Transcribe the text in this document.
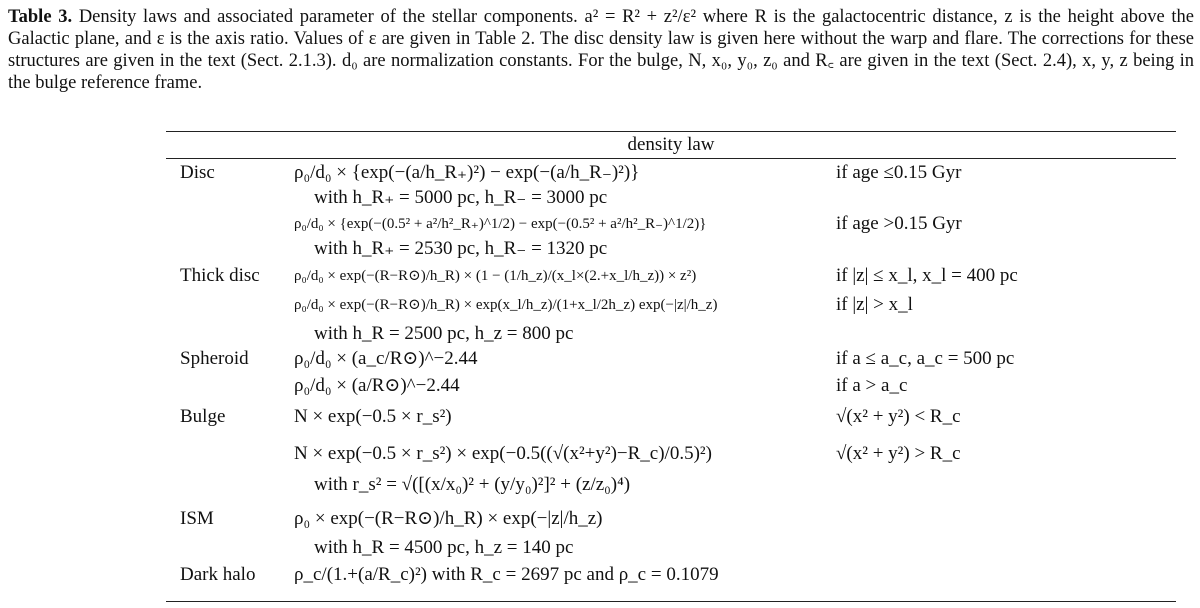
Table 3. Density laws and associated parameter of the stellar components. a² = R² + z²/ε² where R is the galactocentric distance, z is the height above the Galactic plane, and ε is the axis ratio. Values of ε are given in Table 2. The disc density law is given here without the warp and flare. The corrections for these structures are given in the text (Sect. 2.1.3). d₀ are normalization constants. For the bulge, N, x₀, y₀, z₀ and R꜀ are given in the text (Sect. 2.4), x, y, z being in the bulge reference frame.

density law
Disc	ρ₀/d₀ × {exp(−(a/h_R₊)²) − exp(−(a/h_R₋)²)}	if age ≤0.15 Gyr
with h_R₊ = 5000 pc, h_R₋ = 3000 pc
ρ₀/d₀ × {exp(−(0.5² + a²/h²_R₊)^1/2) − exp(−(0.5² + a²/h²_R₋)^1/2)}	if age >0.15 Gyr
with h_R₊ = 2530 pc, h_R₋ = 1320 pc
Thick disc ρ₀/d₀ × exp(−(R−R⊙)/h_R) × (1 − (1/h_z)/(x_l×(2.+x_l/h_z)) × z²)	if |z| ≤ x_l, x_l = 400 pc
ρ₀/d₀ × exp(−(R−R⊙)/h_R) × exp(x_l/h_z)/(1+x_l/2h_z) exp(−|z|/h_z)	if |z| > x_l
with h_R = 2500 pc, h_z = 800 pc
Spheroid ρ₀/d₀ × (a_c/R⊙)^−2.44	if a ≤ a_c, a_c = 500 pc
ρ₀/d₀ × (a/R⊙)^−2.44	if a > a_c
Bulge	N × exp(−0.5 × r_s²)	√(x² + y²) < R_c
N × exp(−0.5 × r_s²) × exp(−0.5((√(x²+y²)−R_c)/0.5)²)	√(x² + y²) > R_c
with r_s² = √([(x/x₀)² + (y/y₀)²]² + (z/z₀)⁴)
ISM	ρ₀ × exp(−(R−R⊙)/h_R) × exp(−|z|/h_z)
with h_R = 4500 pc, h_z = 140 pc
Dark halo ρ_c/(1.+(a/R_c)²) with R_c = 2697 pc and ρ_c = 0.1079
